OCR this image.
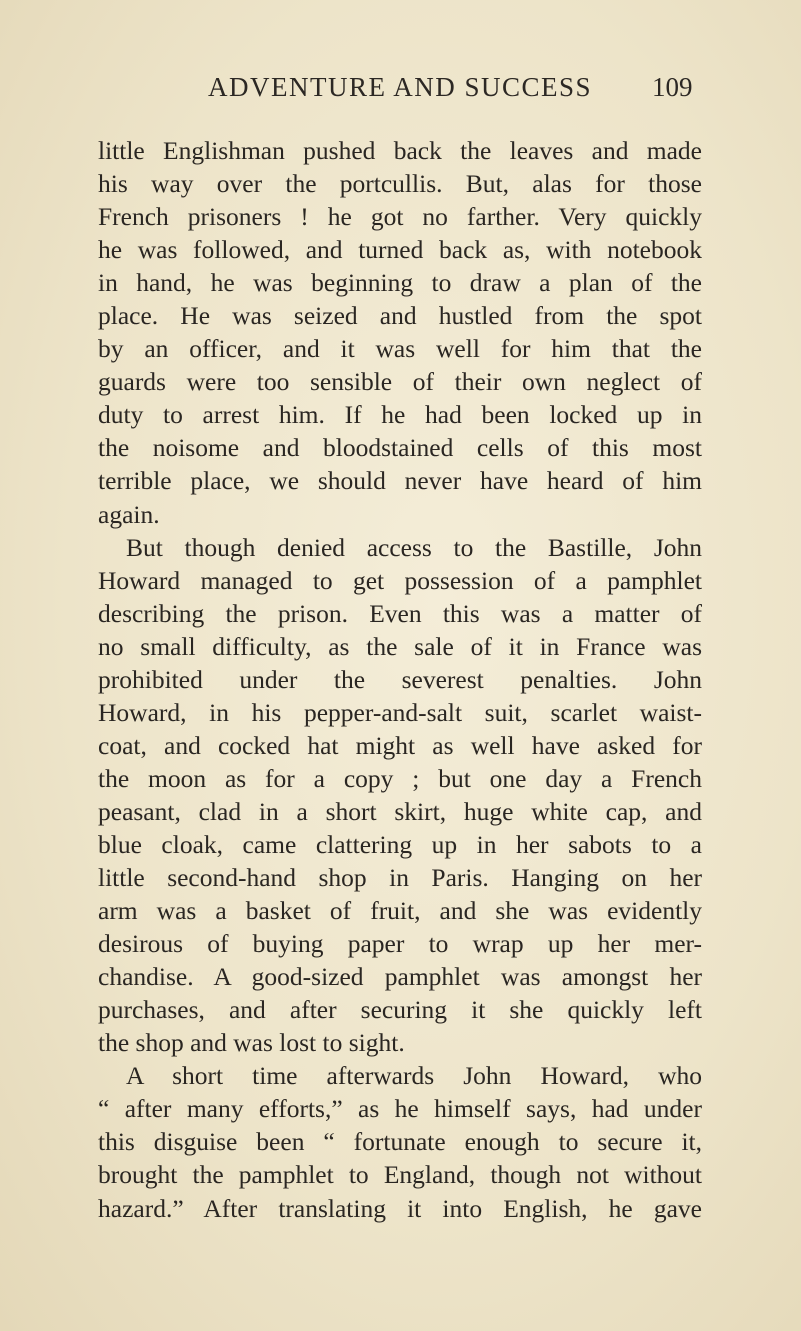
ADVENTURE AND SUCCESS 109
little Englishman pushed back the leaves and made
his way over the portcullis. But, alas for those
French prisoners ! he got no farther. Very quickly
he was followed, and turned back as, with notebook
in hand, he was beginning to draw a plan of the
place. He was seized and hustled from the spot
by an officer, and it was well for him that the
guards were too sensible of their own neglect of
duty to arrest him. If he had been locked up in
the noisome and bloodstained cells of this most
terrible place, we should never have heard of him
again.
But though denied access to the Bastille, John
Howard managed to get possession of a pamphlet
describing the prison. Even this was a matter of
no small difficulty, as the sale of it in France was
prohibited under the severest penalties. John
Howard, in his pepper-and-salt suit, scarlet waist-
coat, and cocked hat might as well have asked for
the moon as for a copy ; but one day a French
peasant, clad in a short skirt, huge white cap, and
blue cloak, came clattering up in her sabots to a
little second-hand shop in Paris. Hanging on her
arm was a basket of fruit, and she was evidently
desirous of buying paper to wrap up her mer-
chandise. A good-sized pamphlet was amongst her
purchases, and after securing it she quickly left
the shop and was lost to sight.
A short time afterwards John Howard, who
“ after many efforts,” as he himself says, had under
this disguise been “ fortunate enough to secure it,
brought the pamphlet to England, though not without
hazard.” After translating it into English, he gave
